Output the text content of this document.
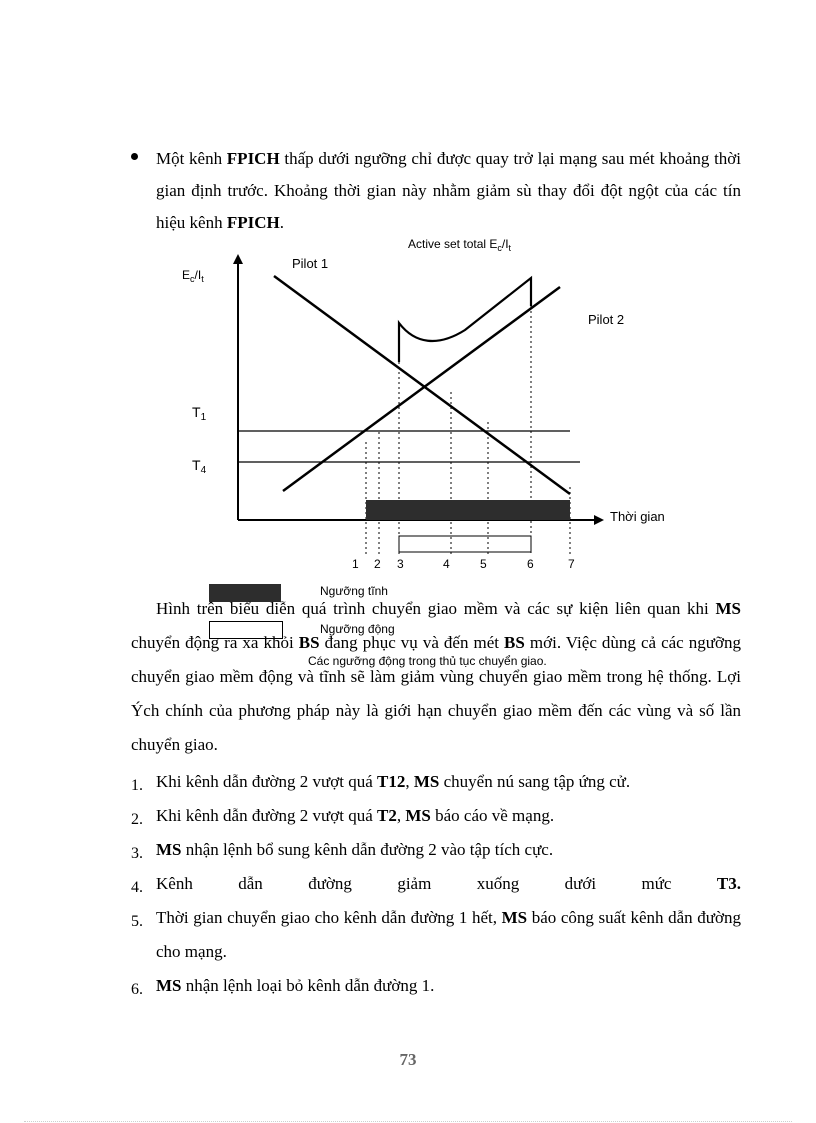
Một kênh FPICH thấp dưới ngưỡng chỉ được quay trở lại mạng sau mét khoảng thời gian định trước. Khoảng thời gian này nhằm giảm sù thay đổi đột ngột của các tín hiệu kênh FPICH.
Active set total $E_c/I_t$
$E_c/I_t$
Thời gian
$T_1$
$T_4$
Pilot 1
Pilot 2
1 2 3	4	5	6	7
Ngưỡng tĩnh
Ngưỡng động
Các ngưỡng động trong thủ tục chuyển giao.
Hình trên biểu diễn quá trình chuyển giao mềm và các sự kiện liên quan khi MS chuyển động ra xa khỏi BS đang phục vụ và đến mét BS mới. Việc dùng cả các ngưỡng chuyển giao mềm động và tĩnh sẽ làm giảm vùng chuyển giao mềm trong hệ thống. Lợi Ých chính của phương pháp này là giới hạn chuyển giao mềm đến các vùng và số lần chuyển giao.
1. Khi kênh dẫn đường 2 vượt quá T12, MS chuyển nú sang tập ứng cử.
2. Khi kênh dẫn đường 2 vượt quá T2, MS báo cáo về mạng.
3. MS nhận lệnh bổ sung kênh dẫn đường 2 vào tập tích cực.
4. Kênh	dẫn	đường	giảm	xuống	dưới	mức	T3.
5. Thời gian chuyển giao cho kênh dẫn đường 1 hết, MS báo công suất kênh dẫn đường cho mạng.
6. MS nhận lệnh loại bỏ kênh dẫn đường 1.
73
